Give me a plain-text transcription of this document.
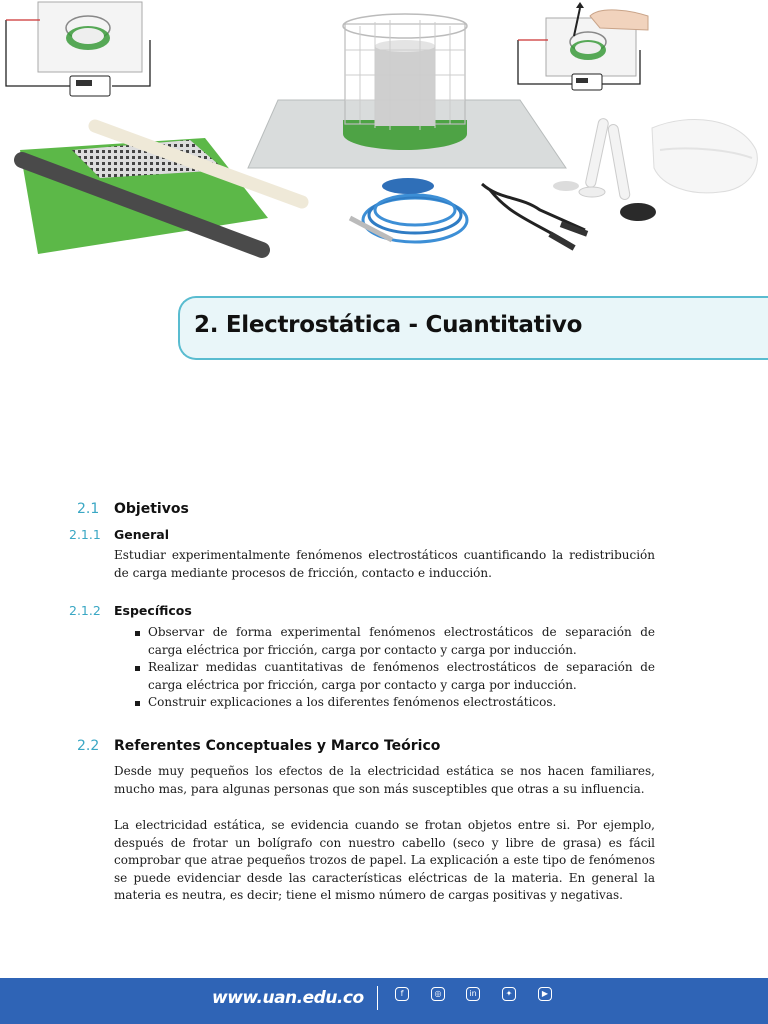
2. Electrostática - Cuantitativo
2.1 Objetivos
2.1.1 General

Estudiar experimentalmente fenómenos electrostáticos cuantificando la redistribución de carga mediante procesos de fricción, contacto e inducción.

2.1.2 Específicos
Observar de forma experimental fenómenos electrostáticos de separación de carga eléctrica por fricción, carga por contacto y carga por inducción.
Realizar medidas cuantitativas de fenómenos electrostáticos de separación de carga eléctrica por fricción, carga por contacto y carga por inducción.
Construir explicaciones a los diferentes fenómenos electrostáticos.
2.2 Referentes Conceptuales y Marco Teórico

Desde muy pequeños los efectos de la electricidad estática se nos hacen familiares, mucho mas, para algunas personas que son más susceptibles que otras a su influencia.

La electricidad estática, se evidencia cuando se frotan objetos entre si. Por ejemplo, después de frotar un bolígrafo con nuestro cabello (seco y libre de grasa) es fácil comprobar que atrae pequeños trozos de papel. La explicación a este tipo de fenómenos se puede evidenciar desde las características eléctricas de la materia. En general la materia es neutra, es decir; tiene el mismo número de cargas positivas y negativas.

www.uan.edu.co	f	◎	in	✦	▶
